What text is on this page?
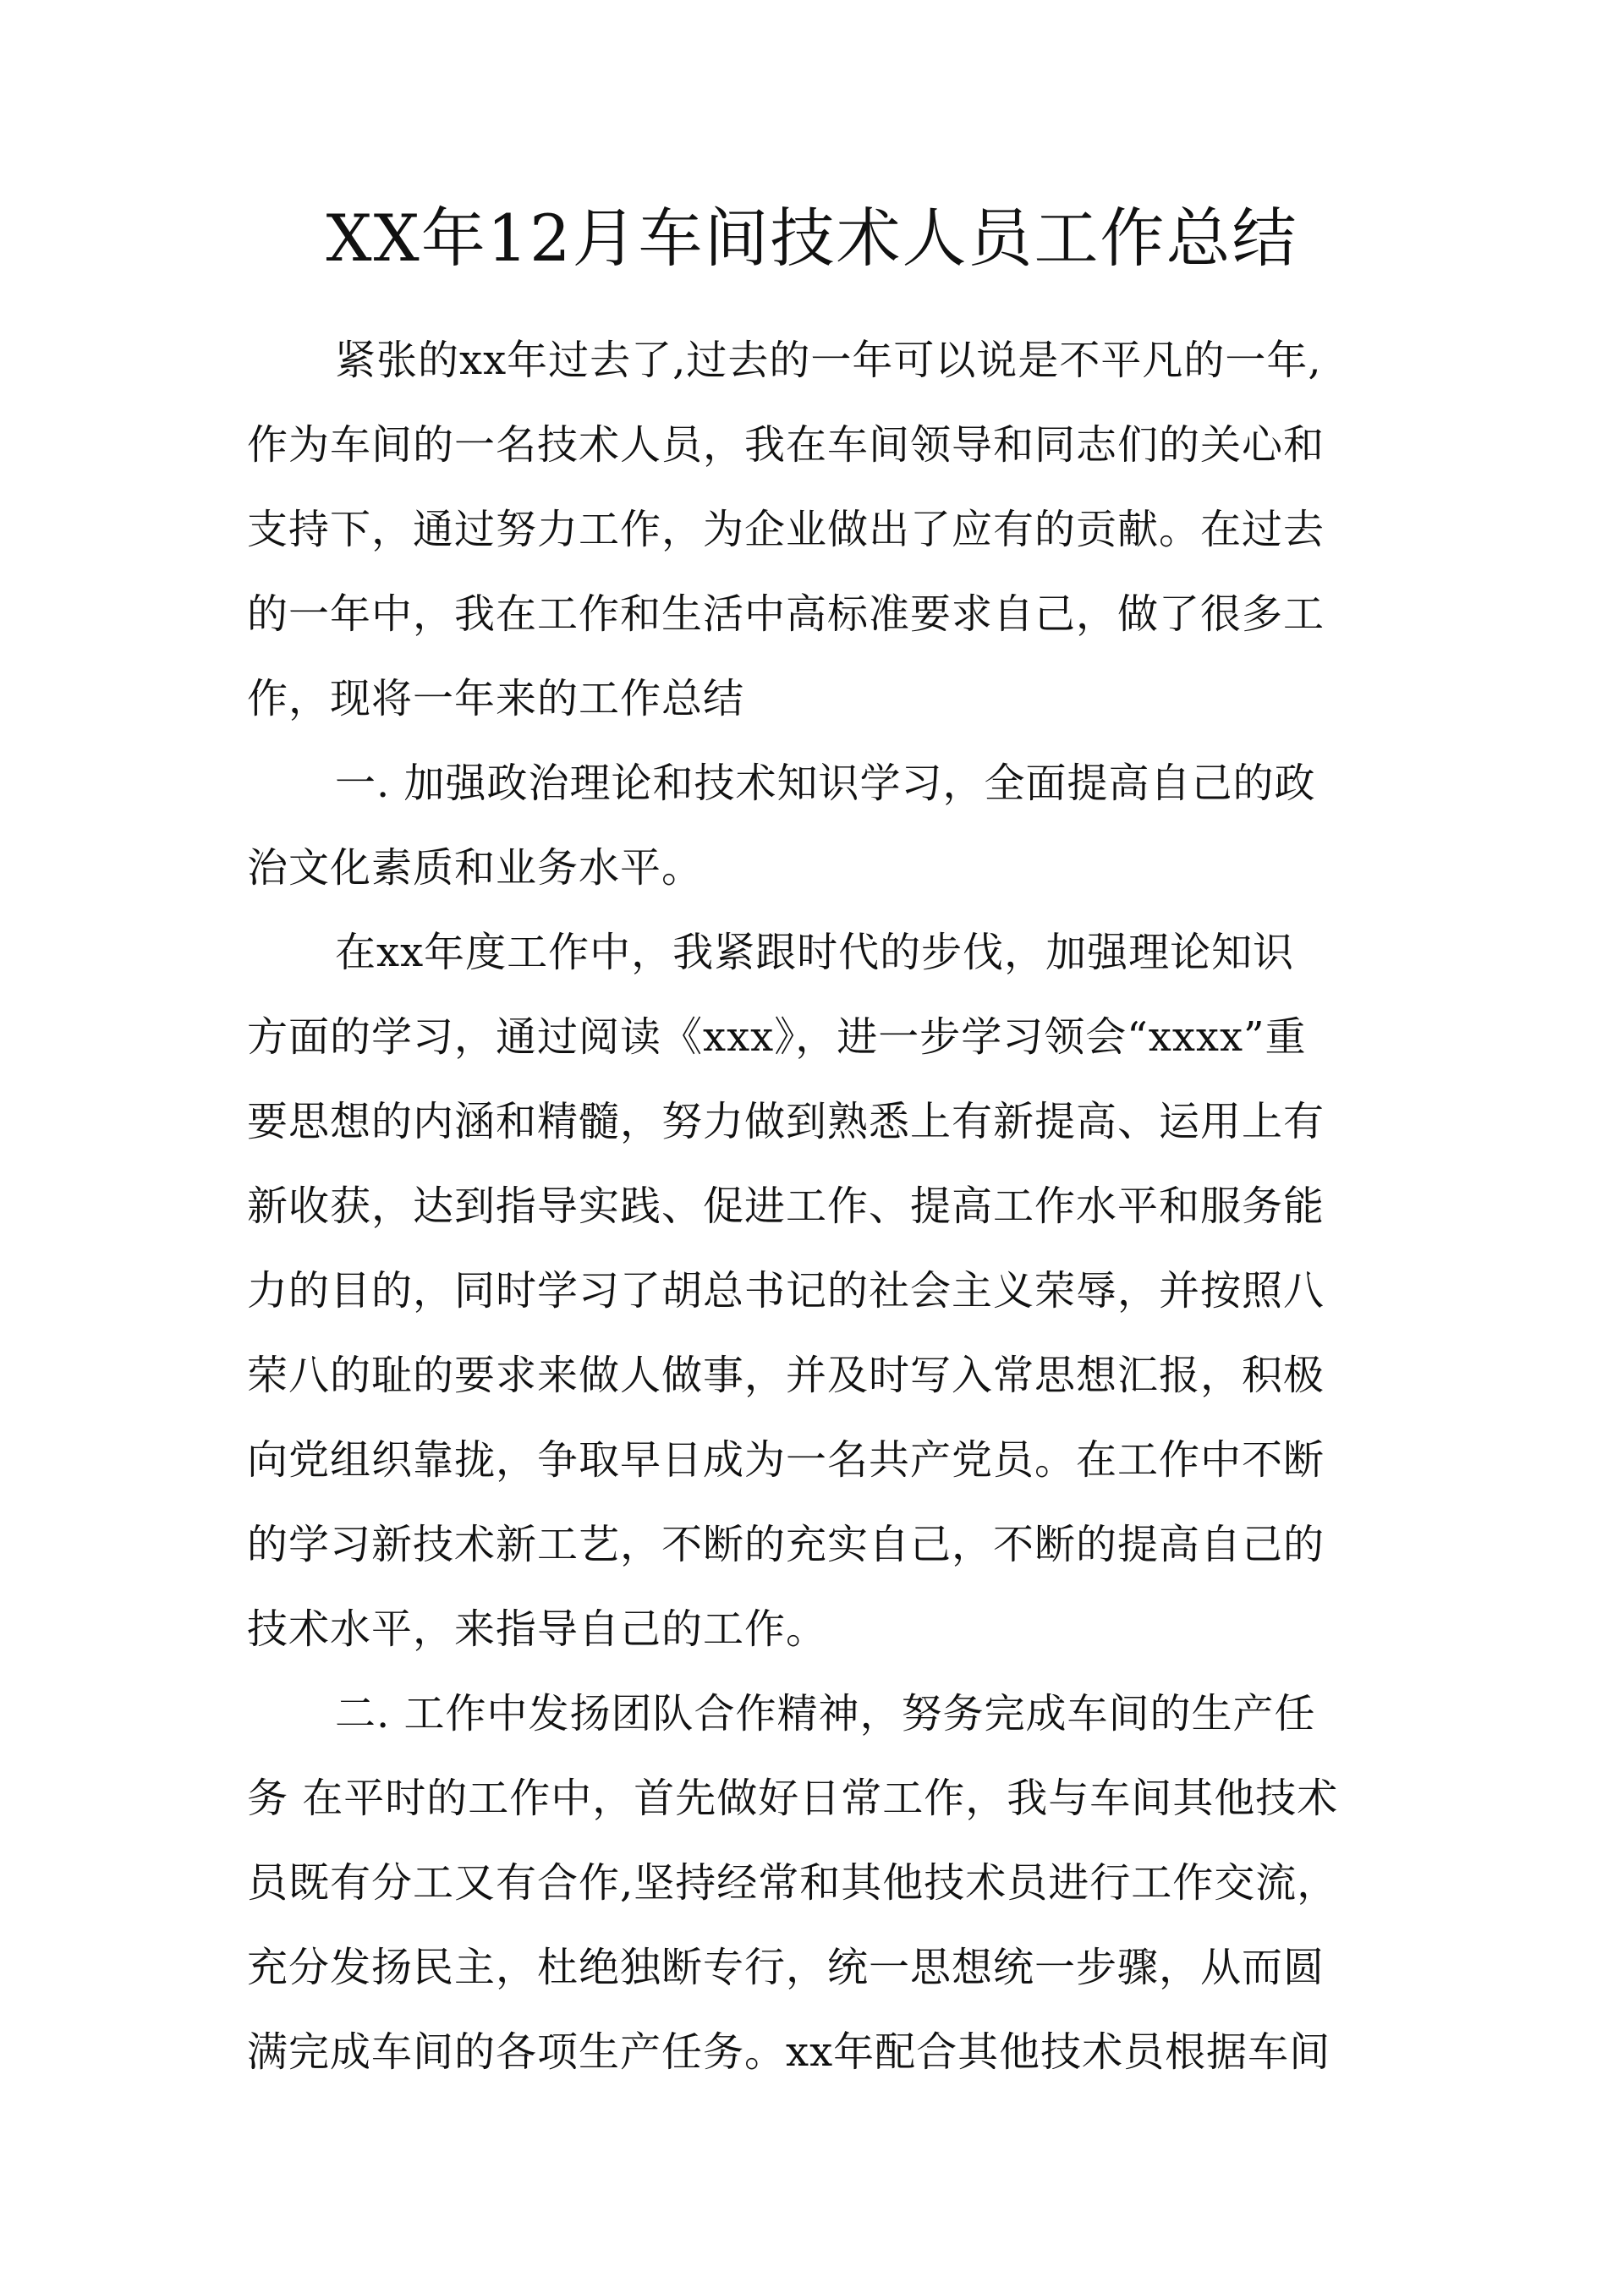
XX年12月车间技术人员工作总结
紧张的xx年过去了,过去的一年可以说是不平凡的一年,
作为车间的一名技术人员，我在车间领导和同志们的关心和
支持下，通过努力工作，为企业做出了应有的贡献。在过去
的一年中，我在工作和生活中高标准要求自己，做了很多工
作，现将一年来的工作总结
一. 加强政治理论和技术知识学习，全面提高自己的政
治文化素质和业务水平。
在xx年度工作中，我紧跟时代的步伐，加强理论知识
方面的学习，通过阅读《xxx》，进一步学习领会“xxxx”重
要思想的内涵和精髓，努力做到熟悉上有新提高、运用上有
新收获，达到指导实践、促进工作、提高工作水平和服务能
力的目的，同时学习了胡总书记的社会主义荣辱，并按照八
荣八的耻的要求来做人做事，并及时写入常思想汇报，积极
向党组织靠拢，争取早日成为一名共产党员。在工作中不断
的学习新技术新工艺，不断的充实自己，不断的提高自己的
技术水平，来指导自己的工作。
二. 工作中发扬团队合作精神，努务完成车间的生产任
务 在平时的工作中，首先做好日常工作，我与车间其他技术
员既有分工又有合作,坚持经常和其他技术员进行工作交流，
充分发扬民主，杜绝独断专行，统一思想统一步骤，从而圆
满完成车间的各项生产任务。xx年配合其他技术员根据车间
